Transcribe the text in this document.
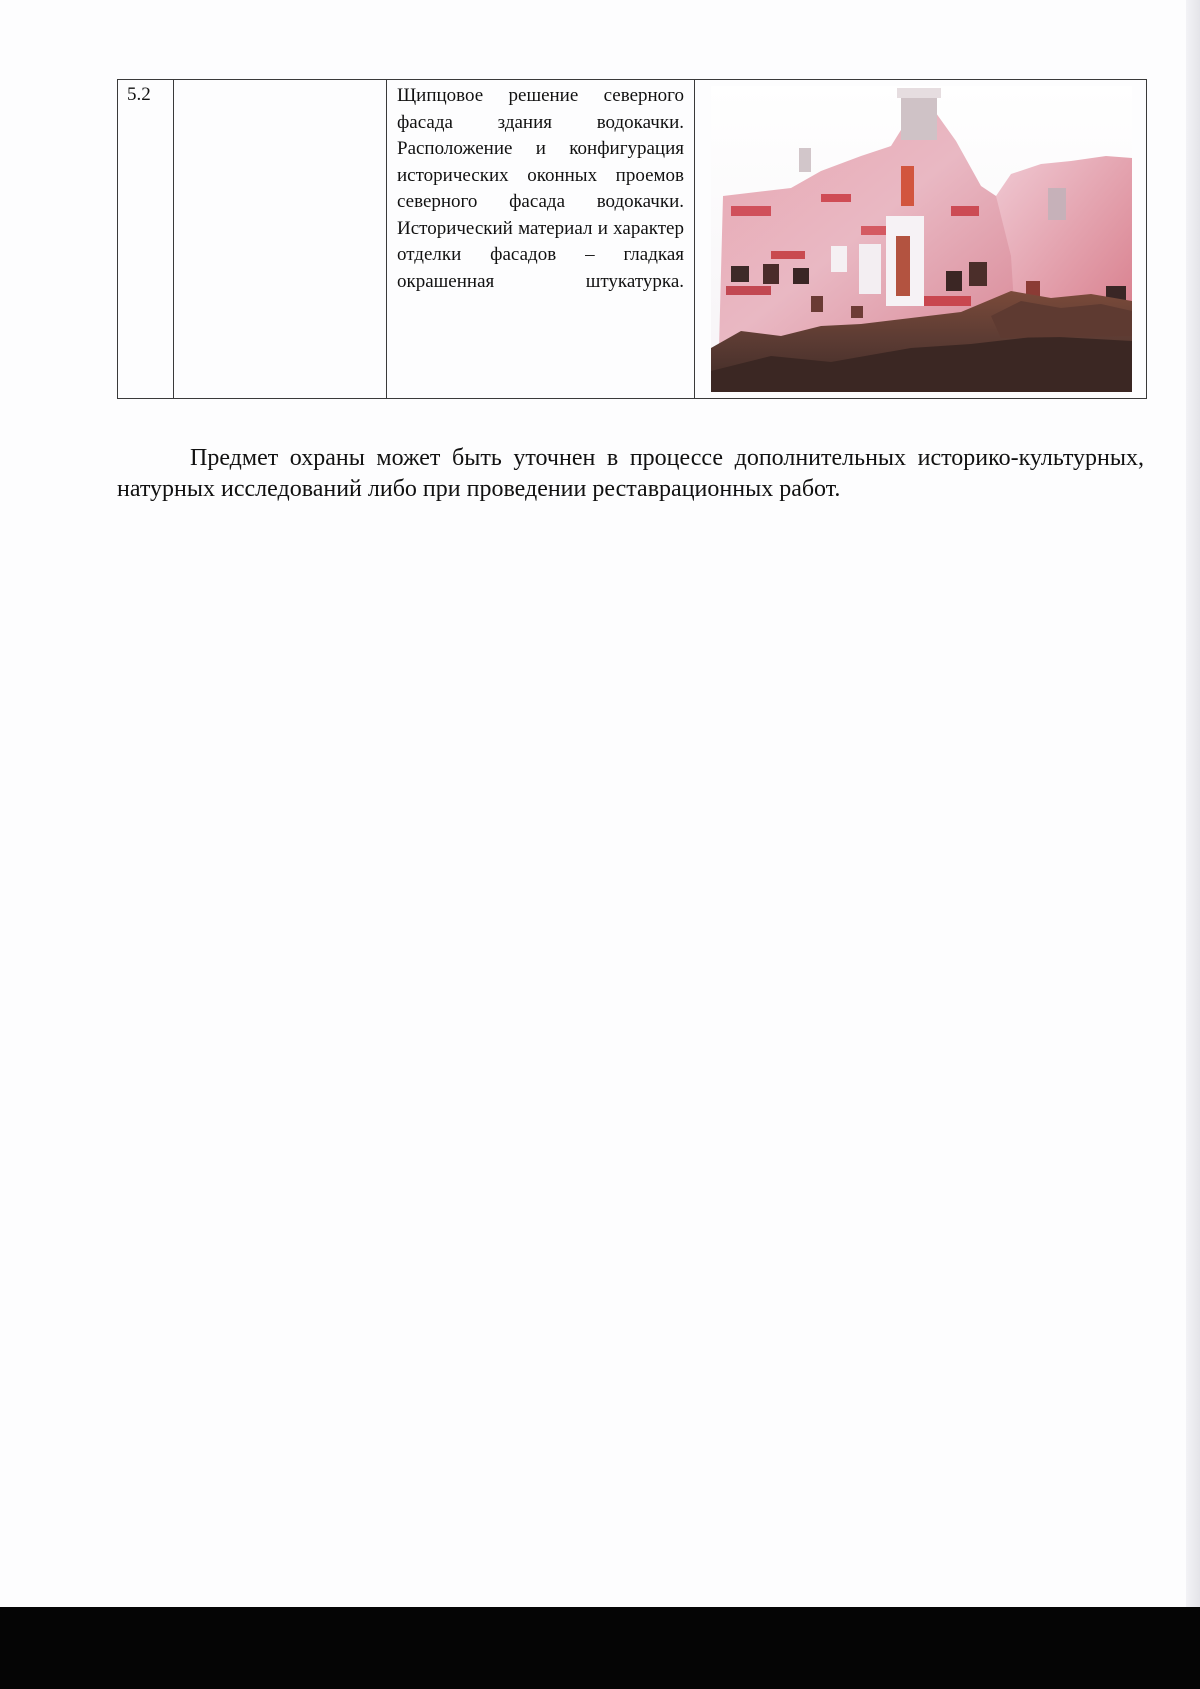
5.2		Щипцовое решение северного фасада здания водокачки.

Расположение и конфигурация исторических оконных проемов северного фасада водокачки.

Исторический материал и характер отделки фасадов – гладкая окрашенная штукатурка.

Предмет охраны может быть уточнен в процессе дополнительных историко-культурных, натурных исследований либо при проведении реставрационных работ.
